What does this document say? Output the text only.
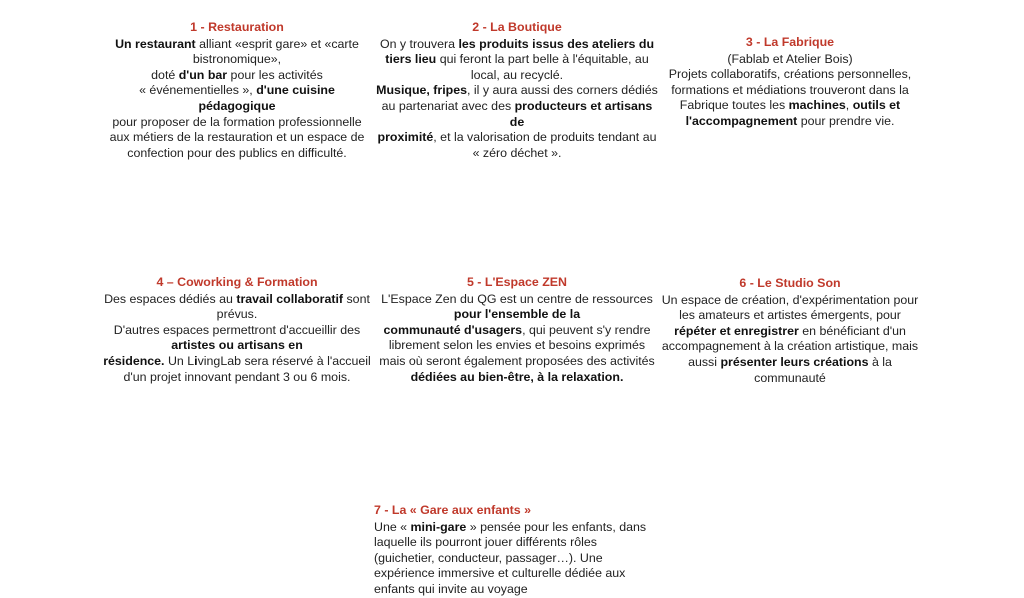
1 - Restauration

Un restaurant alliant «esprit gare» et «carte
bistronomique»,
doté d'un bar pour les activités
« événementielles », d'une cuisine pédagogique
pour proposer de la formation professionnelle
aux métiers de la restauration et un espace de
confection pour des publics en difficulté.

2 - La Boutique

On y trouvera les produits issus des ateliers du
tiers lieu qui feront la part belle à l'équitable, au
local, au recyclé.
Musique, fripes, il y aura aussi des corners dédiés
au partenariat avec des producteurs et artisans de
proximité, et la valorisation de produits tendant au
« zéro déchet ».

3 - La Fabrique

(Fablab et Atelier Bois)
Projets collaboratifs, créations personnelles,
formations et médiations trouveront dans la
Fabrique toutes les machines, outils et
l'accompagnement pour prendre vie.

4 – Coworking & Formation

Des espaces dédiés au travail collaboratif sont
prévus.
D'autres espaces permettront d'accueillir des
artistes ou artisans en
résidence. Un LivingLab sera réservé à l'accueil
d'un projet innovant pendant 3 ou 6 mois.

5 - L'Espace ZEN

L'Espace Zen du QG est un centre de ressources
pour l'ensemble de la
communauté d'usagers, qui peuvent s'y rendre
librement selon les envies et besoins exprimés
mais où seront également proposées des activités
dédiées au bien-être, à la relaxation.

6 - Le Studio Son

Un espace de création, d'expérimentation pour
les amateurs et artistes émergents, pour
répéter et enregistrer en bénéficiant d'un
accompagnement à la création artistique, mais
aussi présenter leurs créations à la
communauté

7 - La « Gare aux enfants »

Une « mini-gare » pensée pour les enfants, dans
laquelle ils pourront jouer différents rôles
(guichetier, conducteur, passager…). Une
expérience immersive et culturelle dédiée aux
enfants qui invite au voyage
